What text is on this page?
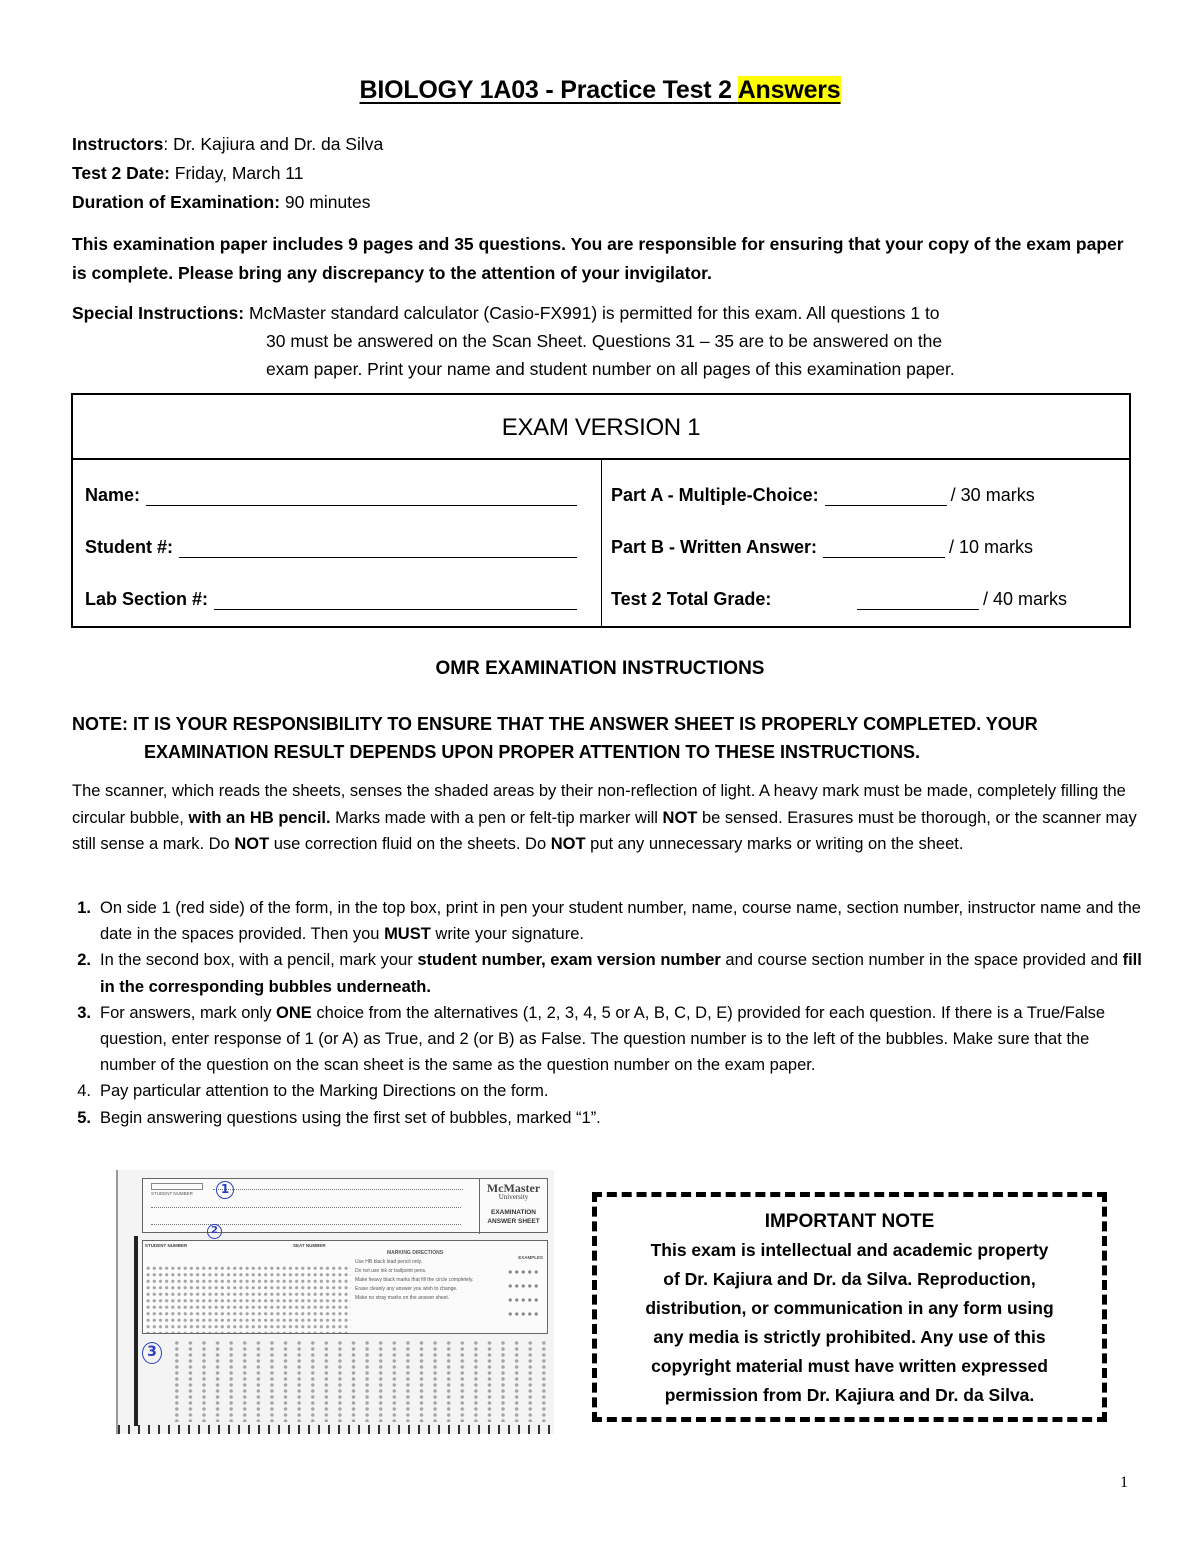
BIOLOGY 1A03 - Practice Test 2 Answers
Instructors: Dr. Kajiura and Dr. da Silva
Test 2 Date: Friday, March 11
Duration of Examination: 90 minutes
This examination paper includes 9 pages and 35 questions. You are responsible for ensuring that your copy of the exam paper is complete. Please bring any discrepancy to the attention of your invigilator.
Special Instructions: McMaster standard calculator (Casio-FX991) is permitted for this exam. All questions 1 to
30 must be answered on the Scan Sheet. Questions 31 – 35 are to be answered on the
exam paper. Print your name and student number on all pages of this examination paper.
EXAM VERSION 1
Name:
Student #:
Lab Section #:
Part A - Multiple-Choice:	/ 30 marks
Part B - Written Answer:	/ 10 marks
Test 2 Total Grade:	/ 40 marks
OMR EXAMINATION INSTRUCTIONS
NOTE: IT IS YOUR RESPONSIBILITY TO ENSURE THAT THE ANSWER SHEET IS PROPERLY COMPLETED. YOUR
EXAMINATION RESULT DEPENDS UPON PROPER ATTENTION TO THESE INSTRUCTIONS.
The scanner, which reads the sheets, senses the shaded areas by their non-reflection of light. A heavy mark must be made, completely filling the circular bubble, with an HB pencil. Marks made with a pen or felt-tip marker will NOT be sensed. Erasures must be thorough, or the scanner may still sense a mark. Do NOT use correction fluid on the sheets. Do NOT put any unnecessary marks or writing on the sheet.
1. On side 1 (red side) of the form, in the top box, print in pen your student number, name, course name, section number, instructor name and the date in the spaces provided. Then you MUST write your signature.
2. In the second box, with a pencil, mark your student number, exam version number and course section number in the space provided and fill in the corresponding bubbles underneath.
3. For answers, mark only ONE choice from the alternatives (1, 2, 3, 4, 5 or A, B, C, D, E) provided for each question. If there is a True/False question, enter response of 1 (or A) as True, and 2 (or B) as False. The question number is to the left of the bubbles. Make sure that the number of the question on the scan sheet is the same as the question number on the exam paper.
4. Pay particular attention to the Marking Directions on the form.
5. Begin answering questions using the first set of bubbles, marked “1”.
STUDENT NUMBER	McMaster
University
EXAMINATION ANSWER SHEET
1
STUDENT NUMBER	SEAT NUMBER
MARKING DIRECTIONS
Use HB black lead pencil only.
Do not use ink or ballpoint pens.
Make heavy black marks that fill the circle completely.
Erase cleanly any answer you wish to change.
Make no stray marks on the answer sheet.
EXAMPLES
2
3
IMPORTANT NOTE
This exam is intellectual and academic property
of Dr. Kajiura and Dr. da Silva. Reproduction,
distribution, or communication in any form using
any media is strictly prohibited. Any use of this
copyright material must have written expressed
permission from Dr. Kajiura and Dr. da Silva.
1
